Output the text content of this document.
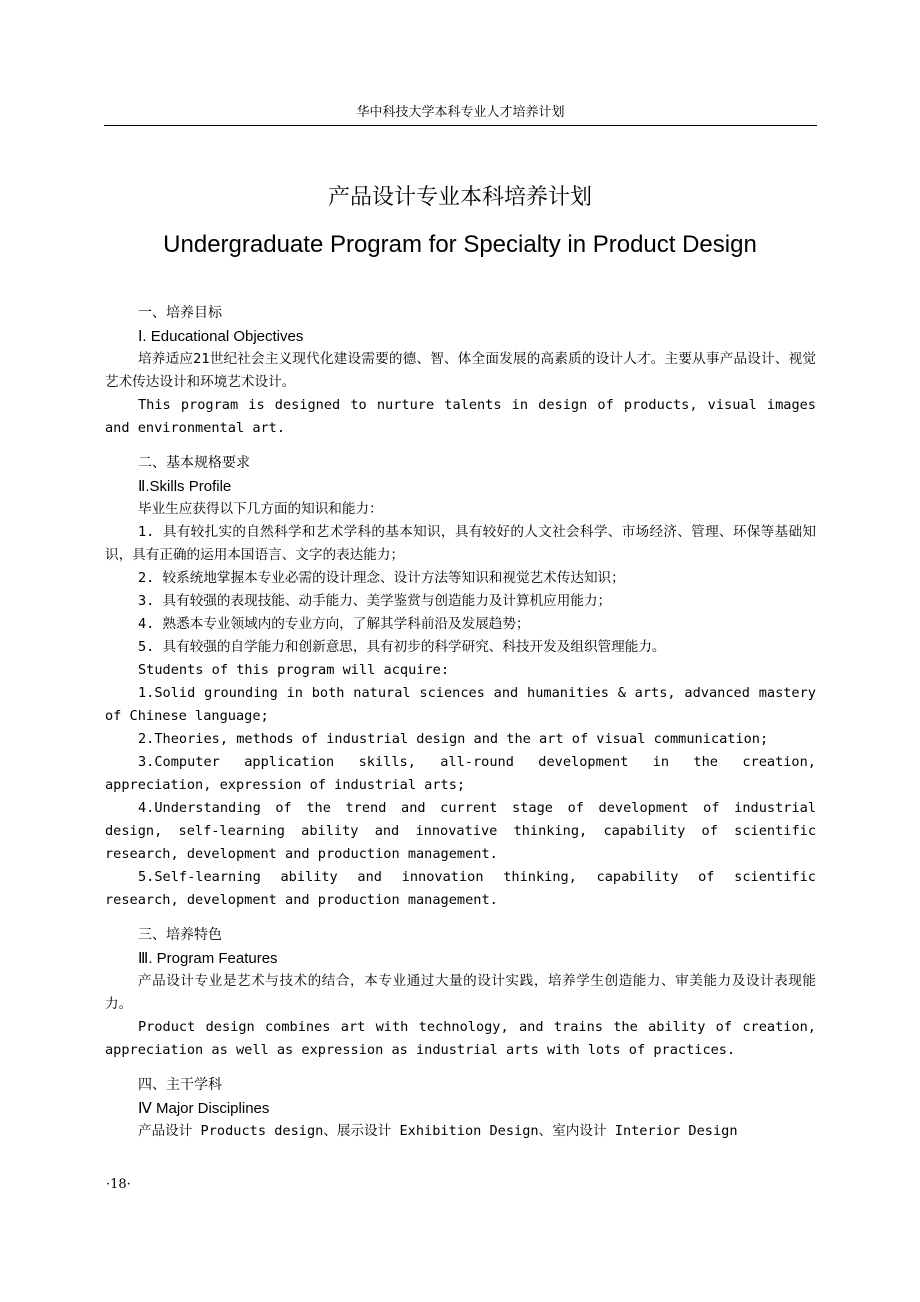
华中科技大学本科专业人才培养计划
产品设计专业本科培养计划
Undergraduate Program for Specialty in Product Design
一、培养目标
Ⅰ. Educational Objectives

培养适应21世纪社会主义现代化建设需要的德、智、体全面发展的高素质的设计人才。主要从事产品设计、视觉艺术传达设计和环境艺术设计。

This program is designed to nurture talents in design of products, visual images and environmental art.

二、基本规格要求
Ⅱ.Skills Profile

毕业生应获得以下几方面的知识和能力：

1. 具有较扎实的自然科学和艺术学科的基本知识，具有较好的人文社会科学、市场经济、管理、环保等基础知识，具有正确的运用本国语言、文字的表达能力；

2. 较系统地掌握本专业必需的设计理念、设计方法等知识和视觉艺术传达知识；

3. 具有较强的表现技能、动手能力、美学鉴赏与创造能力及计算机应用能力；

4. 熟悉本专业领域内的专业方向，了解其学科前沿及发展趋势；

5. 具有较强的自学能力和创新意思，具有初步的科学研究、科技开发及组织管理能力。

Students of this program will acquire:

1.Solid grounding in both natural sciences and humanities & arts, advanced mastery of Chinese language;

2.Theories, methods of industrial design and the art of visual communication;

3.Computer application skills, all-round development in the creation, appreciation, expression of industrial arts;

4.Understanding of the trend and current stage of development of industrial design, self-learning ability and innovative thinking, capability of scientific research, development and production management.

5.Self-learning ability and innovation thinking, capability of scientific research, development and production management.

三、培养特色
Ⅲ. Program Features

产品设计专业是艺术与技术的结合，本专业通过大量的设计实践，培养学生创造能力、审美能力及设计表现能力。

Product design combines art with technology, and trains the ability of creation, appreciation as well as expression as industrial arts with lots of practices.

四、主干学科
Ⅳ Major Disciplines

产品设计 Products design、展示设计 Exhibition Design、室内设计 Interior Design

·18·
